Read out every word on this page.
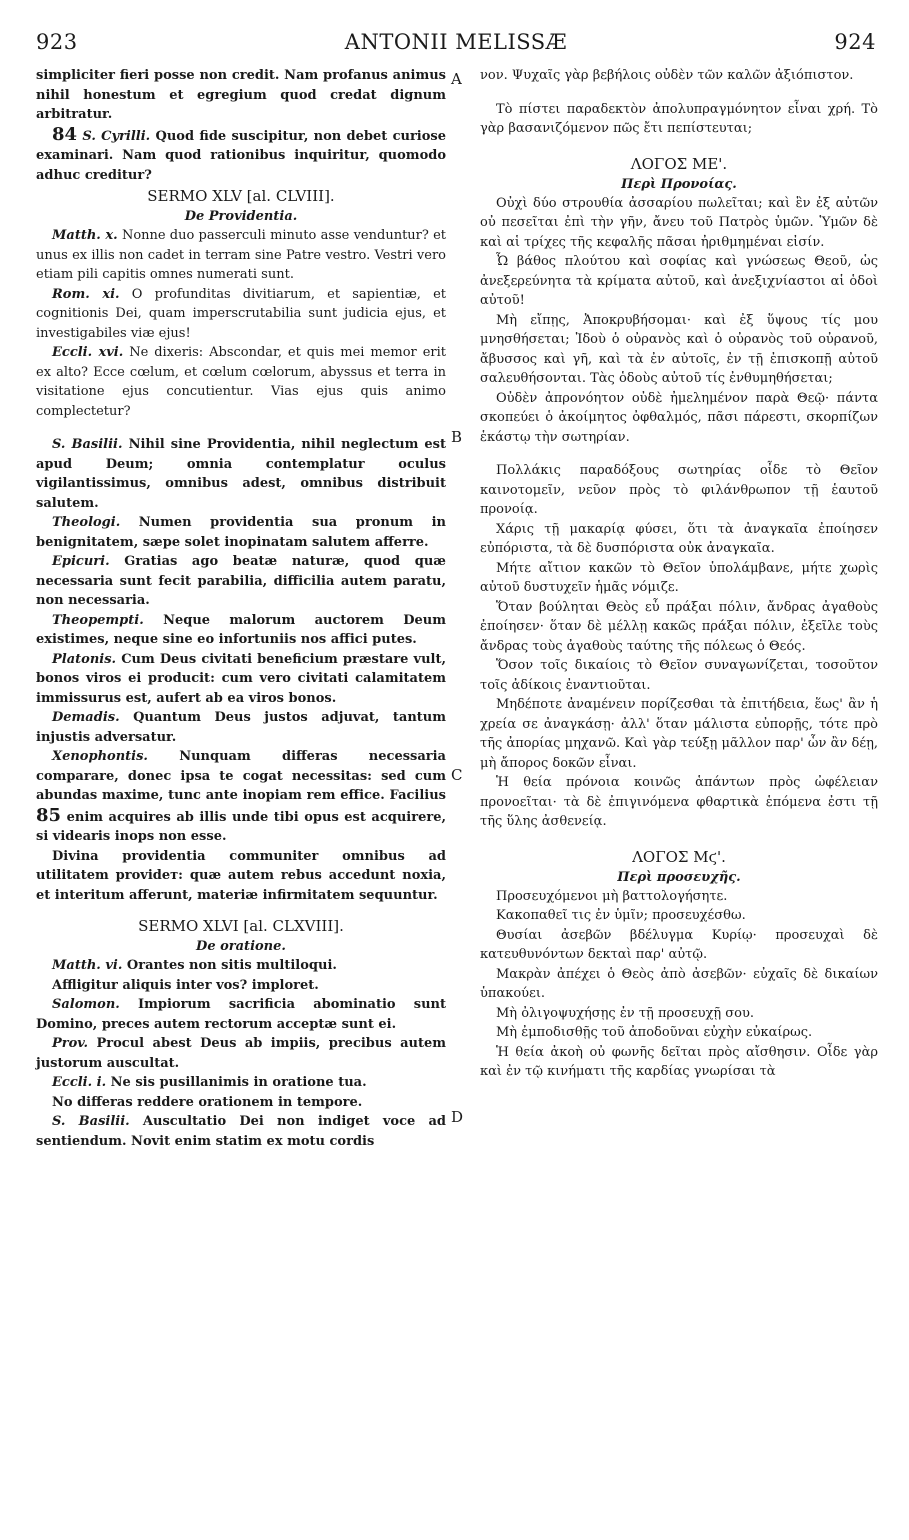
923	ANTONII MELISSÆ	924
A
B
C
D

simpliciter fieri posse non credit. Nam profanus animus nihil honestum et egregium quod credat dignum arbitratur.

84 S. Cyrilli. Quod fide suscipitur, non debet curiose examinari. Nam quod rationibus inquiritur, quomodo adhuc creditur?

SERMO XLV [al. CLVIII].
De Providentia.

Matth. x. Nonne duo passerculi minuto asse venduntur? et unus ex illis non cadet in terram sine Patre vestro. Vestri vero etiam pili capitis omnes numerati sunt.

Rom. xi. O profunditas divitiarum, et sapientiæ, et cognitionis Dei, quam imperscrutabilia sunt judicia ejus, et investigabiles viæ ejus!

Eccli. xvi. Ne dixeris: Abscondar, et quis mei memor erit ex alto? Ecce cœlum, et cœlum cœlorum, abyssus et terra in visitatione ejus concutientur. Vias ejus quis animo complectetur?

S. Basilii. Nihil sine Providentia, nihil neglectum est apud Deum; omnia contemplatur oculus vigilantissimus, omnibus adest, omnibus distribuit salutem.

Theologi. Numen providentia sua pronum in benignitatem, sæpe solet inopinatam salutem afferre.

Epicuri. Gratias ago beatæ naturæ, quod quæ necessaria sunt fecit parabilia, difficilia autem paratu, non necessaria.

Theopempti. Neque malorum auctorem Deum existimes, neque sine eo infortuniis nos affici putes.

Platonis. Cum Deus civitati beneficium præstare vult, bonos viros ei producit: cum vero civitati calamitatem immissurus est, aufert ab ea viros bonos.

Demadis. Quantum Deus justos adjuvat, tantum injustis adversatur.

Xenophontis. Nunquam differas necessaria comparare, donec ipsa te cogat necessitas: sed cum abundas maxime, tunc ante inopiam rem effice. Facilius 85 enim acquires ab illis unde tibi opus est acquirere, si videaris inops non esse.

Divina providentia communiter omnibus ad utilitatem provideт: quæ autem rebus accedunt noxia, et interitum afferunt, materiæ infirmitatem sequuntur.

SERMO XLVI [al. CLXVIII].
De oratione.

Matth. vi. Orantes non sitis multiloqui.

Affligitur aliquis inter vos? imploret.

Salomon. Impiorum sacrificia abominatio sunt Domino, preces autem rectorum acceptæ sunt ei.

Prov. Procul abest Deus ab impiis, precibus autem justorum auscultat.

Eccli. i. Ne sis pusillanimis in oratione tua.

No differas reddere orationem in tempore.

S. Basilii. Auscultatio Dei non indiget voce ad sentiendum. Novit enim statim ex motu cordis

νον. Ψυχαῖς γὰρ βεβήλοις οὐδὲν τῶν καλῶν ἀξιόπιστον.

Τὸ πίστει παραδεκτὸν ἀπολυπραγμόνητον εἶναι χρή. Τὸ γὰρ βασανιζόμενον πῶς ἔτι πεπίστευται;

ΛΟΓΟΣ ΜΕ'.
Περὶ Προνοίας.

Οὐχὶ δύο στρουθία ἀσσαρίου πωλεῖται; καὶ ἓν ἐξ αὐτῶν οὐ πεσεῖται ἐπὶ τὴν γῆν, ἄνευ τοῦ Πατρὸς ὑμῶν. Ὑμῶν δὲ καὶ αἱ τρίχες τῆς κεφαλῆς πᾶσαι ἠριθμημέναι εἰσίν.

Ὦ βάθος πλούτου καὶ σοφίας καὶ γνώσεως Θεοῦ, ὡς ἀνεξερεύνητα τὰ κρίματα αὐτοῦ, καὶ ἀνεξιχνίαστοι αἱ ὁδοὶ αὐτοῦ!

Μὴ εἴπῃς, Ἀποκρυβήσομαι· καὶ ἐξ ὕψους τίς μου μνησθήσεται; Ἰδοὺ ὁ οὐρανὸς καὶ ὁ οὐρανὸς τοῦ οὐρανοῦ, ἄβυσσος καὶ γῆ, καὶ τὰ ἐν αὐτοῖς, ἐν τῇ ἐπισκοπῇ αὐτοῦ σαλευθήσονται. Τὰς ὁδοὺς αὐτοῦ τίς ἐνθυμηθήσεται;

Οὐδὲν ἀπρονόητον οὐδὲ ἠμελημένον παρὰ Θεῷ· πάντα σκοπεύει ὁ ἀκοίμητος ὀφθαλμός, πᾶσι πάρεστι, σκορπίζων ἑκάστῳ τὴν σωτηρίαν.

Πολλάκις παραδόξους σωτηρίας οἶδε τὸ Θεῖον καινοτομεῖν, νεῦον πρὸς τὸ φιλάνθρωπον τῇ ἑαυτοῦ προνοίᾳ.

Χάρις τῇ μακαρίᾳ φύσει, ὅτι τὰ ἀναγκαῖα ἐποίησεν εὐπόριστα, τὰ δὲ δυσπόριστα οὐκ ἀναγκαῖα.

Μήτε αἴτιον κακῶν τὸ Θεῖον ὑπολάμβανε, μήτε χωρὶς αὐτοῦ δυστυχεῖν ἡμᾶς νόμιζε.

Ὅταν βούληται Θεὸς εὖ πράξαι πόλιν, ἄνδρας ἀγαθοὺς ἐποίησεν· ὅταν δὲ μέλλῃ κακῶς πράξαι πόλιν, ἐξεῖλε τοὺς ἄνδρας τοὺς ἀγαθοὺς ταύτης τῆς πόλεως ὁ Θεός.

Ὅσον τοῖς δικαίοις τὸ Θεῖον συναγωνίζεται, τοσοῦτον τοῖς ἀδίκοις ἐναντιοῦται.

Μηδέποτε ἀναμένειν πορίζεσθαι τὰ ἐπιτήδεια, ἕως' ἂν ἡ χρεία σε ἀναγκάσῃ· ἀλλ' ὅταν μάλιστα εὐπορῇς, τότε πρὸ τῆς ἀπορίας μηχανῶ. Καὶ γὰρ τεύξῃ μᾶλλον παρ' ὧν ἂν δέῃ, μὴ ἄπορος δοκῶν εἶναι.

Ἡ θεία πρόνοια κοινῶς ἁπάντων πρὸς ὠφέλειαν προνοεῖται· τὰ δὲ ἐπιγινόμενα φθαρτικὰ ἑπόμενα ἐστι τῇ τῆς ὕλης ἀσθενείᾳ.

ΛΟΓΟΣ Μϛ'.
Περὶ προσευχῆς.

Προσευχόμενοι μὴ βαττολογήσητε.

Κακοπαθεῖ τις ἐν ὑμῖν; προσευχέσθω.

Θυσίαι ἀσεβῶν βδέλυγμα Κυρίῳ· προσευχαὶ δὲ κατευθυνόντων δεκταὶ παρ' αὐτῷ.

Μακρὰν ἀπέχει ὁ Θεὸς ἀπὸ ἀσεβῶν· εὐχαῖς δὲ δικαίων ὑπακούει.

Μὴ ὀλιγοψυχήσῃς ἐν τῇ προσευχῇ σου.

Μὴ ἐμποδισθῇς τοῦ ἀποδοῦναι εὐχὴν εὐκαίρως.

Ἡ θεία ἀκοὴ οὐ φωνῆς δεῖται πρὸς αἴσθησιν. Οἶδε γὰρ καὶ ἐν τῷ κινήματι τῆς καρδίας γνωρίσαι τὰ
